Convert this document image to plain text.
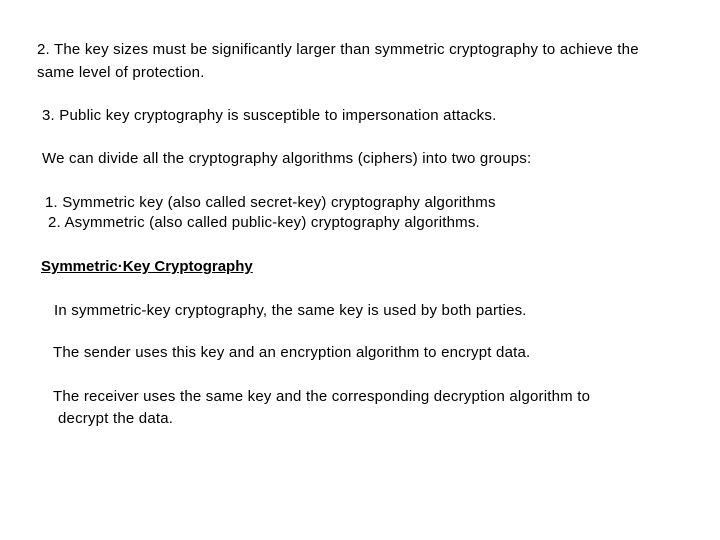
2. The key sizes must be significantly larger than symmetric cryptography to achieve the
same level of protection.
3. Public key cryptography is susceptible to impersonation attacks.
We can divide all the cryptography algorithms (ciphers) into two groups:
1. Symmetric key (also called secret-key) cryptography algorithms
2. Asymmetric (also called public-key) cryptography algorithms.
Symmetric·Key Cryptography
In symmetric-key cryptography, the same key is used by both parties.
The sender uses this key and an encryption algorithm to encrypt data.
The receiver uses the same key and the corresponding decryption algorithm to
decrypt the data.
